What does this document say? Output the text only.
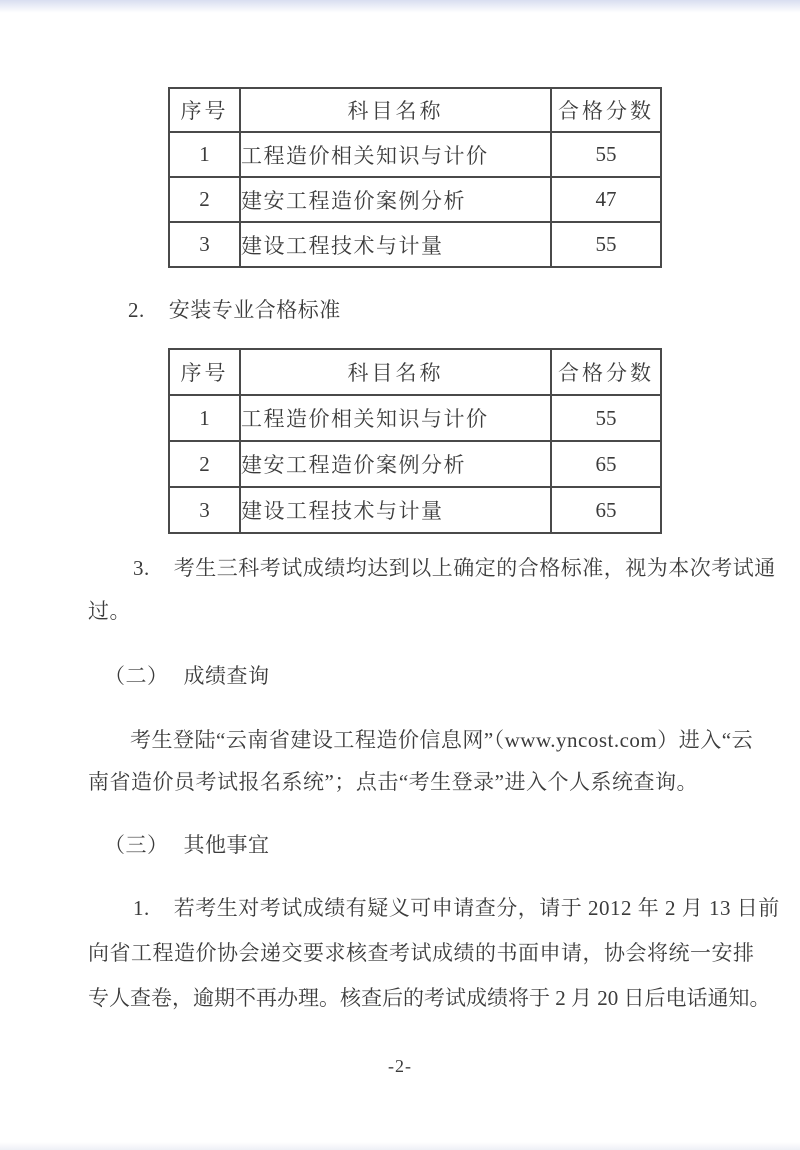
序号	科目名称	合格分数
1	工程造价相关知识与计价	55
2	建安工程造价案例分析	47
3	建设工程技术与计量	55
2. 安装专业合格标准
序号	科目名称	合格分数
1	工程造价相关知识与计价	55
2	建安工程造价案例分析	65
3	建设工程技术与计量	65
3. 考生三科考试成绩均达到以上确定的合格标准，视为本次考试通
过。
（二） 成绩查询
考生登陆“云南省建设工程造价信息网”（www.yncost.com）进入“云
南省造价员考试报名系统”；点击“考生登录”进入个人系统查询。
（三） 其他事宜
1. 若考生对考试成绩有疑义可申请查分，请于 2012 年 2 月 13 日前
向省工程造价协会递交要求核查考试成绩的书面申请，协会将统一安排
专人查卷，逾期不再办理。核查后的考试成绩将于 2 月 20 日后电话通知。
-2-
